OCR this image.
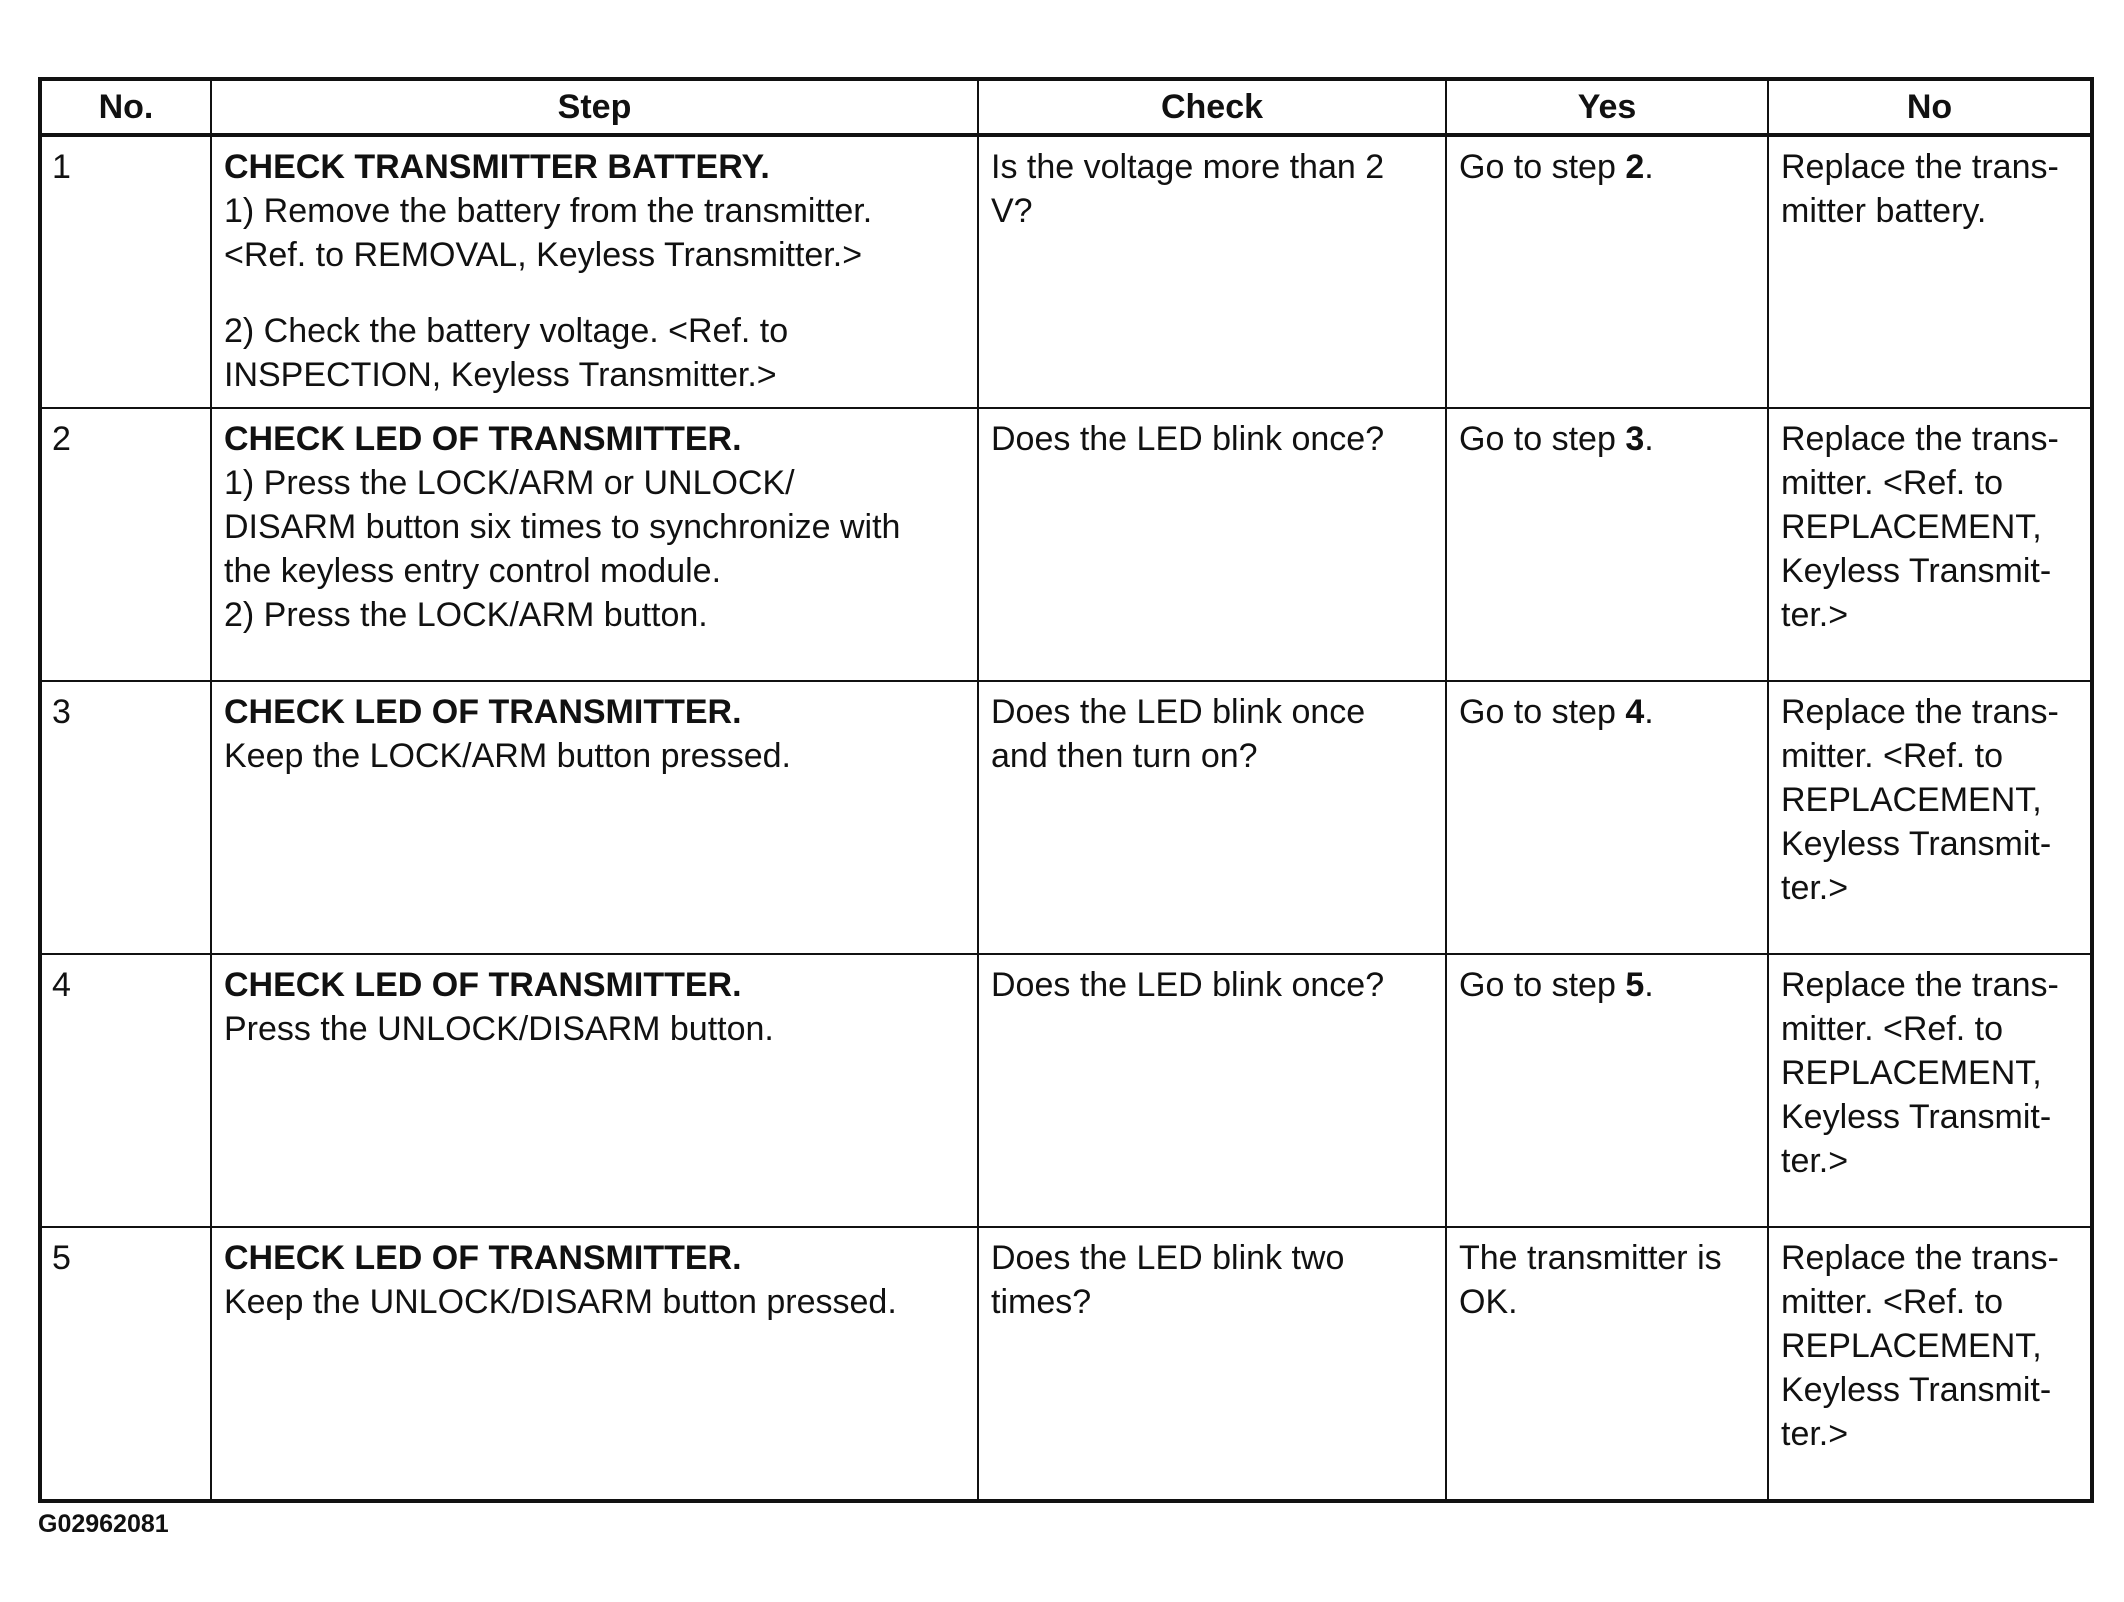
No.	Step	Check	Yes	No

1	CHECK TRANSMITTER BATTERY.
1) Remove the battery from the transmitter.
<Ref. to REMOVAL, Keyless Transmitter.>
2) Check the battery voltage. <Ref. to
INSPECTION, Keyless Transmitter.>	Is the voltage more than 2
V?	Go to step 2.	Replace the trans-
mitter battery.

2	CHECK LED OF TRANSMITTER.
1) Press the LOCK/ARM or UNLOCK/
DISARM button six times to synchronize with
the keyless entry control module.
2) Press the LOCK/ARM button.	Does the LED blink once?	Go to step 3.	Replace the trans-
mitter. <Ref. to
REPLACEMENT,
Keyless Transmit-
ter.>

3	CHECK LED OF TRANSMITTER.
Keep the LOCK/ARM button pressed.	Does the LED blink once
and then turn on?	Go to step 4.	Replace the trans-
mitter. <Ref. to
REPLACEMENT,
Keyless Transmit-
ter.>

4	CHECK LED OF TRANSMITTER.
Press the UNLOCK/DISARM button.	Does the LED blink once?	Go to step 5.	Replace the trans-
mitter. <Ref. to
REPLACEMENT,
Keyless Transmit-
ter.>

5	CHECK LED OF TRANSMITTER.
Keep the UNLOCK/DISARM button pressed.	Does the LED blink two
times?	The transmitter is
OK.	Replace the trans-
mitter. <Ref. to
REPLACEMENT,
Keyless Transmit-
ter.>
G02962081
